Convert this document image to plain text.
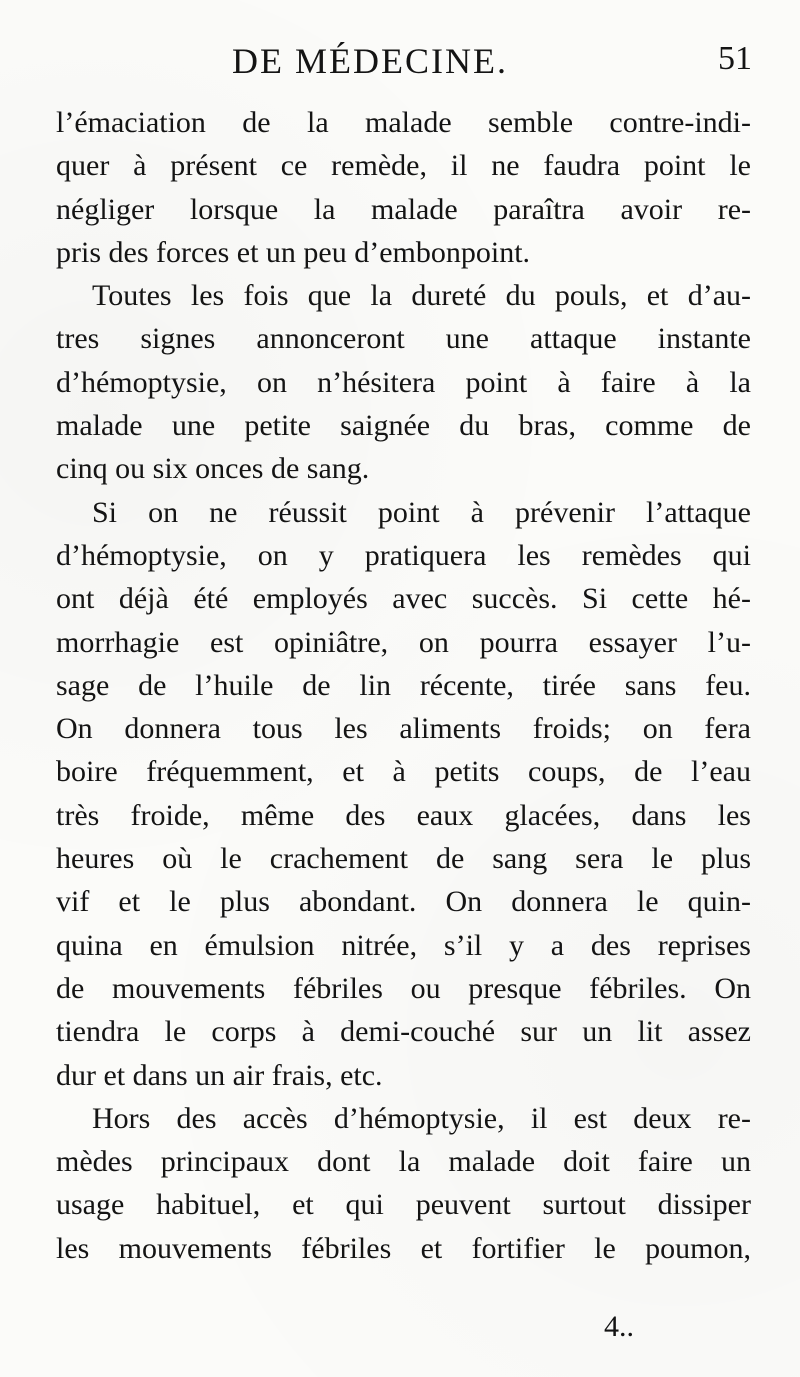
DE MÉDECINE.	51
l’émaciation de la malade semble contre-indi-
quer à présent ce remède, il ne faudra point le
négliger lorsque la malade paraîtra avoir re-
pris des forces et un peu d’embonpoint.
Toutes les fois que la dureté du pouls, et d’au-
tres signes annonceront une attaque instante
d’hémoptysie, on n’hésitera point à faire à la
malade une petite saignée du bras, comme de
cinq ou six onces de sang.
Si on ne réussit point à prévenir l’attaque
d’hémoptysie, on y pratiquera les remèdes qui
ont déjà été employés avec succès. Si cette hé-
morrhagie est opiniâtre, on pourra essayer l’u-
sage de l’huile de lin récente, tirée sans feu.
On donnera tous les aliments froids; on fera
boire fréquemment, et à petits coups, de l’eau
très froide, même des eaux glacées, dans les
heures où le crachement de sang sera le plus
vif et le plus abondant. On donnera le quin-
quina en émulsion nitrée, s’il y a des reprises
de mouvements fébriles ou presque fébriles. On
tiendra le corps à demi-couché sur un lit assez
dur et dans un air frais, etc.
Hors des accès d’hémoptysie, il est deux re-
mèdes principaux dont la malade doit faire un
usage habituel, et qui peuvent surtout dissiper
les mouvements fébriles et fortifier le poumon,
4..
